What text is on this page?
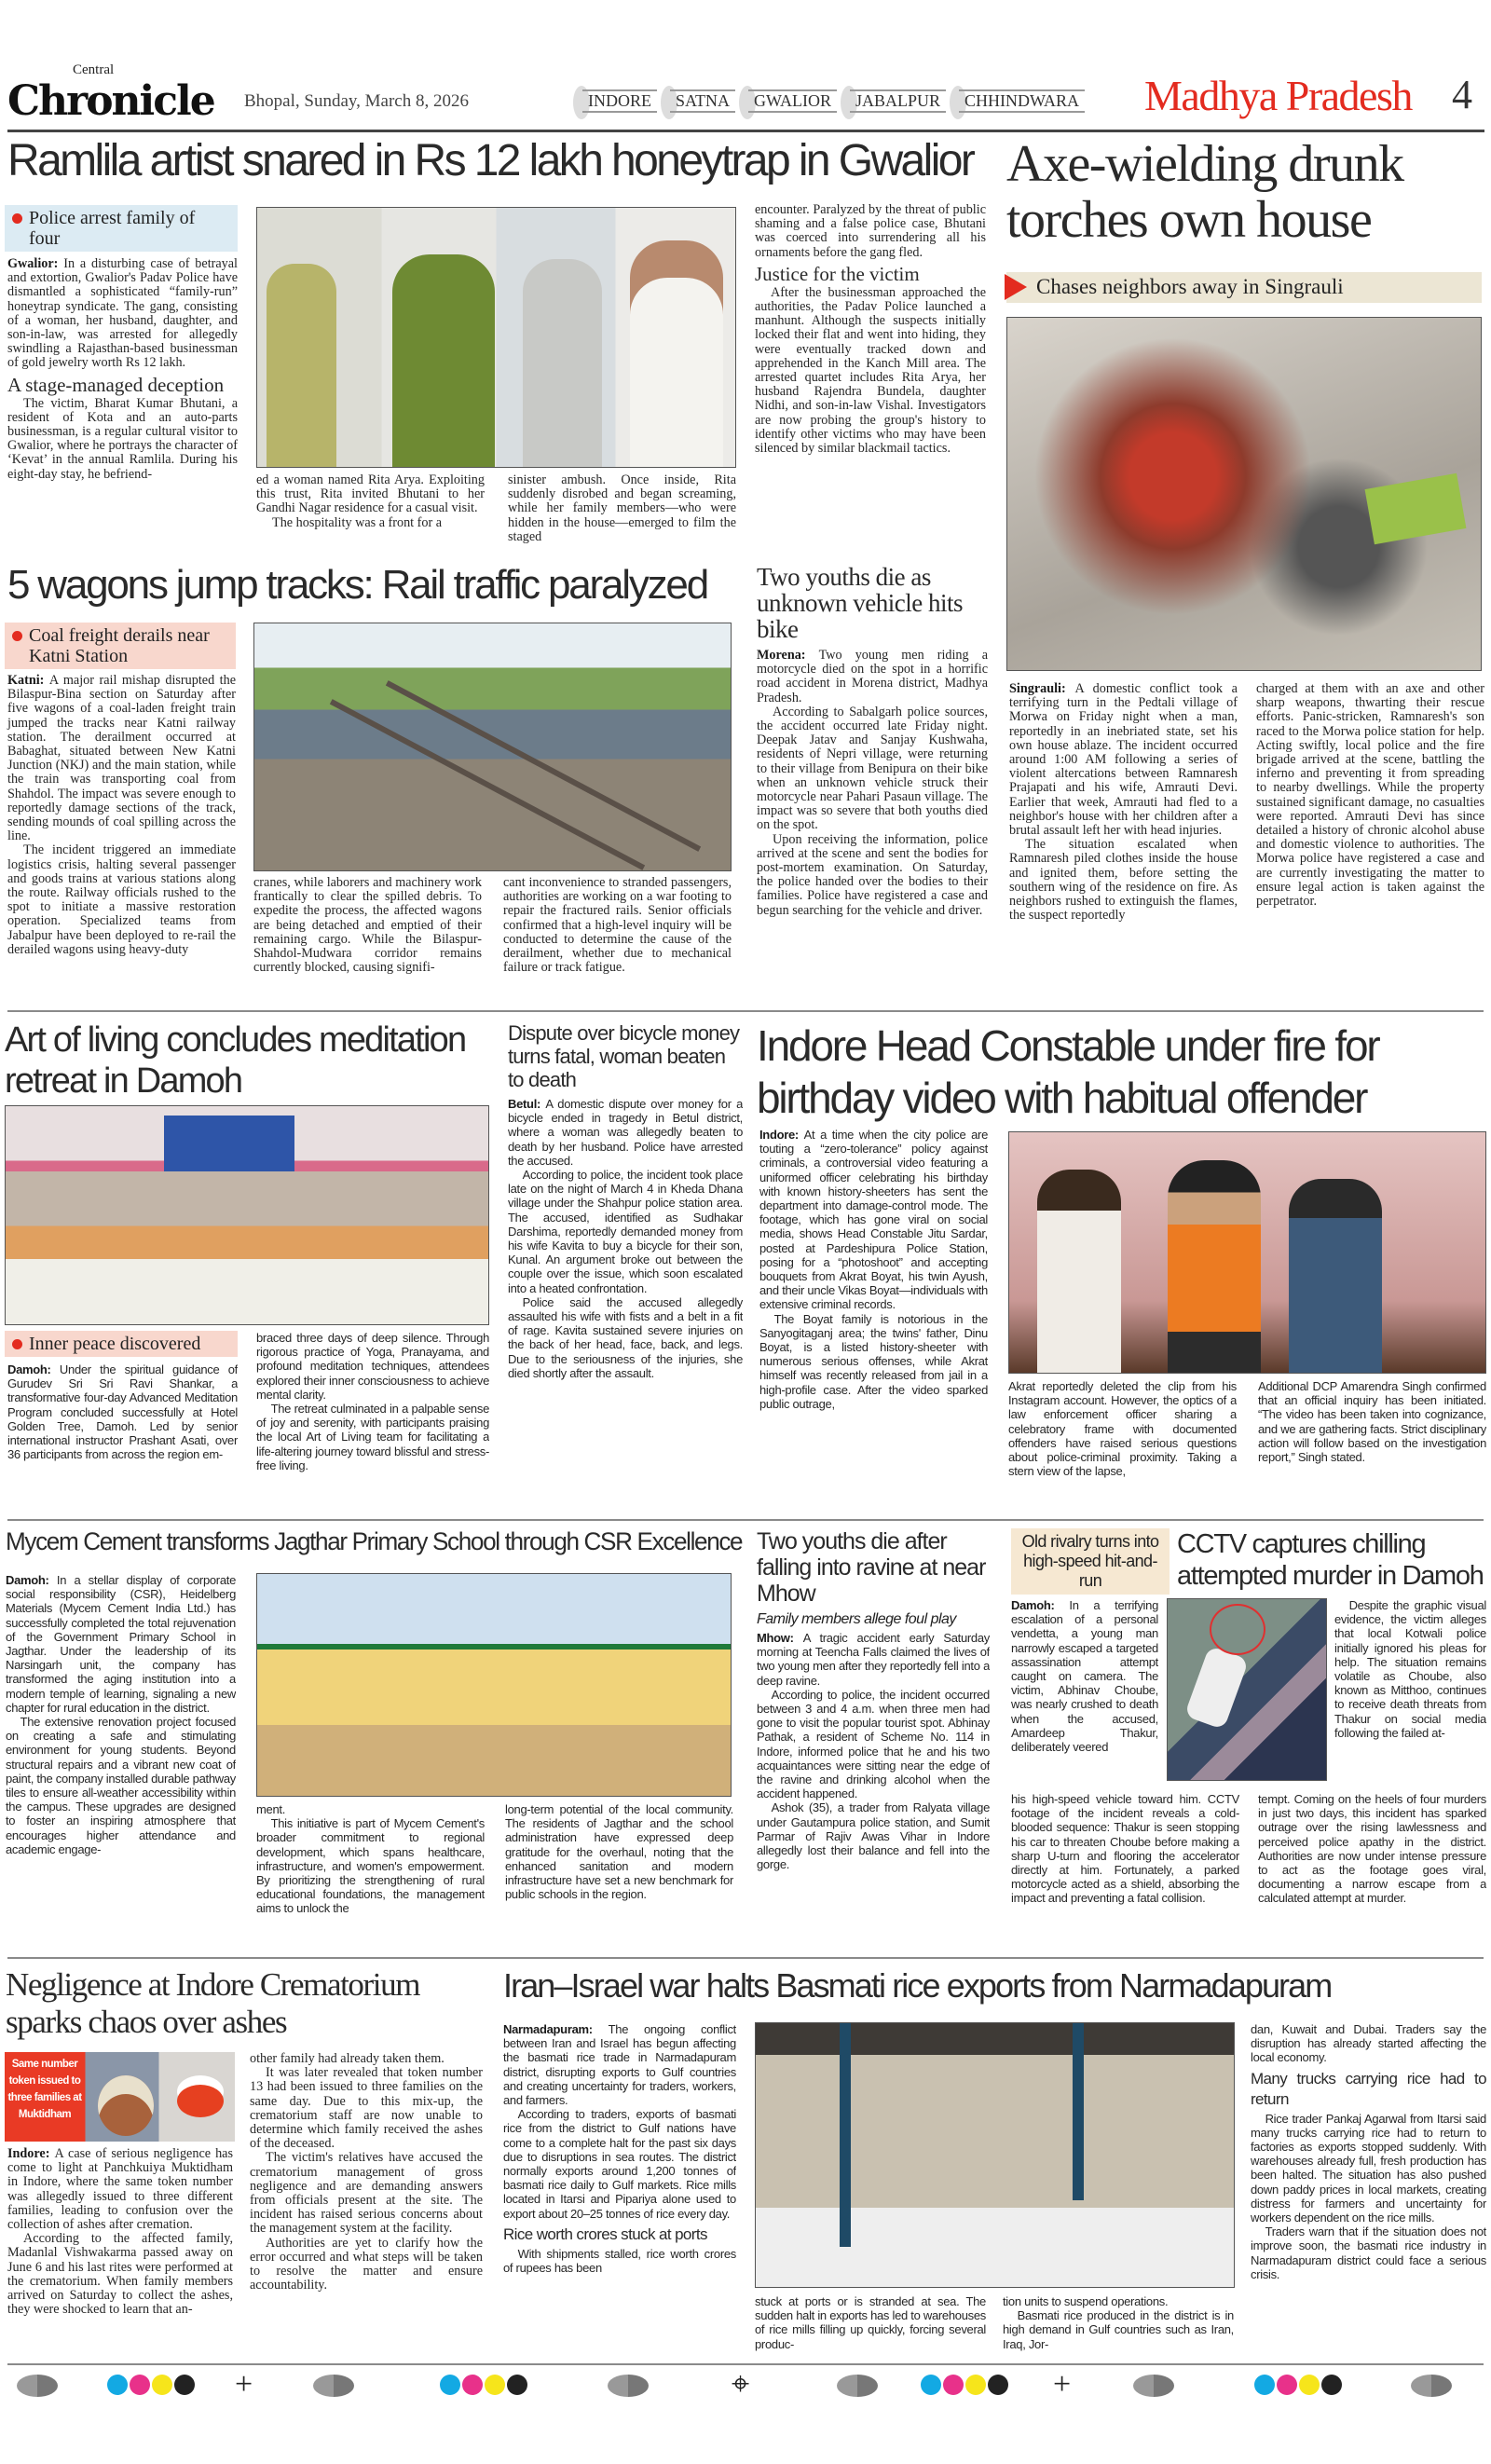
Central
Chronicle Bhopal, Sunday, March 8, 2026	INDORE SATNA GWALIOR JABALPUR CHHINDWARA	Madhya Pradesh 4
Ramlila artist snared in Rs 12 lakh honeytrap in Gwalior
Police arrest family of four

Gwalior: In a disturbing case of betrayal and extortion, Gwalior's Padav Police have dismantled a sophisticated “family-run” honeytrap syndicate. The gang, consisting of a woman, her husband, daughter, and son-in-law, was arrested for allegedly swindling a Rajasthan-based businessman of gold jewelry worth Rs 12 lakh.

A stage-managed deception

The victim, Bharat Kumar Bhutani, a resident of Kota and an auto-parts businessman, is a regular cultural visitor to Gwalior, where he portrays the character of ‘Kevat’ in the annual Ramlila. During his eight-day stay, he befriend-	ed a woman named Rita Arya. Exploiting this trust, Rita invited Bhutani to her Gandhi Nagar residence for a casual visit.

The hospitality was a front for a

sinister ambush. Once inside, Rita suddenly disrobed and began screaming, while her family members—who were hidden in the house—emerged to film the staged

encounter. Paralyzed by the threat of public shaming and a false police case, Bhutani was coerced into surrendering all his ornaments before the gang fled.

Justice for the victim

After the businessman approached the authorities, the Padav Police launched a manhunt. Although the suspects initially locked their flat and went into hiding, they were eventually tracked down and apprehended in the Kanch Mill area. The arrested quartet includes Rita Arya, her husband Rajendra Bundela, daughter Nidhi, and son-in-law Vishal. Investigators are now probing the group's history to identify other victims who may have been silenced by similar blackmail tactics.

Axe-wielding drunk torches own house
Chases neighbors away in Singrauli

Singrauli: A domestic conflict took a terrifying turn in the Pedtali village of Morwa on Friday night when a man, reportedly in an inebriated state, set his own house ablaze. The incident occurred around 1:00 AM following a series of violent altercations between Ramnaresh Prajapati and his wife, Amrauti Devi. Earlier that week, Amrauti had fled to a neighbor's house with her children after a brutal assault left her with head injuries.

The situation escalated when Ramnaresh piled clothes inside the house and ignited them, before setting the southern wing of the residence on fire. As neighbors rushed to extinguish the flames, the suspect reportedly

charged at them with an axe and other sharp weapons, thwarting their rescue efforts. Panic-stricken, Ramnaresh's son raced to the Morwa police station for help. Acting swiftly, local police and the fire brigade arrived at the scene, battling the inferno and preventing it from spreading to nearby dwellings. While the property sustained significant damage, no casualties were reported. Amrauti Devi has since detailed a history of chronic alcohol abuse and domestic violence to authorities. The Morwa police have registered a case and are currently investigating the matter to ensure legal action is taken against the perpetrator.

5 wagons jump tracks: Rail traffic paralyzed
Coal freight derails near Katni Station

Katni: A major rail mishap disrupted the Bilaspur-Bina section on Saturday after five wagons of a coal-laden freight train jumped the tracks near Katni railway station. The derailment occurred at Babaghat, situated between New Katni Junction (NKJ) and the main station, while the train was transporting coal from Shahdol. The impact was severe enough to reportedly damage sections of the track, sending mounds of coal spilling across the line.

The incident triggered an immediate logistics crisis, halting several passenger and goods trains at various stations along the route. Railway officials rushed to the spot to initiate a massive restoration operation. Specialized teams from Jabalpur have been deployed to re-rail the derailed wagons using heavy-duty

cranes, while laborers and machinery work frantically to clear the spilled debris. To expedite the process, the affected wagons are being detached and emptied of their remaining cargo. While the Bilaspur-Shahdol-Mudwara corridor remains currently blocked, causing signifi-

cant inconvenience to stranded passengers, authorities are working on a war footing to repair the fractured rails. Senior officials confirmed that a high-level inquiry will be conducted to determine the cause of the derailment, whether due to mechanical failure or track fatigue.

Two youths die as unknown vehicle hits bike

Morena: Two young men riding a motorcycle died on the spot in a horrific road accident in Morena district, Madhya Pradesh.

According to Sabalgarh police sources, the accident occurred late Friday night. Deepak Jatav and Sanjay Kushwaha, residents of Nepri village, were returning to their village from Benipura on their bike when an unknown vehicle struck their motorcycle near Pahari Pasaun village. The impact was so severe that both youths died on the spot.

Upon receiving the information, police arrived at the scene and sent the bodies for post-mortem examination. On Saturday, the police handed over the bodies to their families. Police have registered a case and begun searching for the vehicle and driver.

Art of living concludes meditation retreat in Damoh
Inner peace discovered

Damoh: Under the spiritual guidance of Gurudev Sri Sri Ravi Shankar, a transformative four-day Advanced Meditation Program concluded successfully at Hotel Golden Tree, Damoh. Led by senior international instructor Prashant Asati, over 36 participants from across the region em-

braced three days of deep silence. Through rigorous practice of Yoga, Pranayama, and profound meditation techniques, attendees explored their inner consciousness to achieve mental clarity.

The retreat culminated in a palpable sense of joy and serenity, with participants praising the local Art of Living team for facilitating a life-altering journey toward blissful and stress-free living.

Dispute over bicycle money turns fatal, woman beaten to death

Betul: A domestic dispute over money for a bicycle ended in tragedy in Betul district, where a woman was allegedly beaten to death by her husband. Police have arrested the accused.

According to police, the incident took place late on the night of March 4 in Kheda Dhana village under the Shahpur police station area. The accused, identified as Sudhakar Darshima, reportedly demanded money from his wife Kavita to buy a bicycle for their son, Kunal. An argument broke out between the couple over the issue, which soon escalated into a heated confrontation.

Police said the accused allegedly assaulted his wife with fists and a belt in a fit of rage. Kavita sustained severe injuries on the back of her head, face, back, and legs. Due to the seriousness of the injuries, she died shortly after the assault.

Indore Head Constable under fire for birthday video with habitual offender

Indore: At a time when the city police are touting a “zero-tolerance” policy against criminals, a controversial video featuring a uniformed officer celebrating his birthday with known history-sheeters has sent the department into damage-control mode. The footage, which has gone viral on social media, shows Head Constable Jitu Sardar, posted at Pardeshipura Police Station, posing for a “photoshoot” and accepting bouquets from Akrat Boyat, his twin Ayush, and their uncle Vikas Boyat—individuals with extensive criminal records.

The Boyat family is notorious in the Sanyogitaganj area; the twins' father, Dinu Boyat, is a listed history-sheeter with numerous serious offenses, while Akrat himself was recently released from jail in a high-profile case. After the video sparked public outrage,

Akrat reportedly deleted the clip from his Instagram account. However, the optics of a law enforcement officer sharing a celebratory frame with documented offenders have raised serious questions about police-criminal proximity. Taking a stern view of the lapse,

Additional DCP Amarendra Singh confirmed that an official inquiry has been initiated. “The video has been taken into cognizance, and we are gathering facts. Strict disciplinary action will follow based on the investigation report,” Singh stated.

Mycem Cement transforms Jagthar Primary School through CSR Excellence

Damoh: In a stellar display of corporate social responsibility (CSR), Heidelberg Materials (Mycem Cement India Ltd.) has successfully completed the total rejuvenation of the Government Primary School in Jagthar. Under the leadership of its Narsingarh unit, the company has transformed the aging institution into a modern temple of learning, signaling a new chapter for rural education in the district.

The extensive renovation project focused on creating a safe and stimulating environment for young students. Beyond structural repairs and a vibrant new coat of paint, the company installed durable pathway tiles to ensure all-weather accessibility within the campus. These upgrades are designed to foster an inspiring atmosphere that encourages higher attendance and academic engage-

ment.

This initiative is part of Mycem Cement's broader commitment to regional development, which spans healthcare, infrastructure, and women's empowerment. By prioritizing the strengthening of rural educational foundations, the management aims to unlock the

long-term potential of the local community. The residents of Jagthar and the school administration have expressed deep gratitude for the overhaul, noting that the enhanced sanitation and modern infrastructure have set a new benchmark for public schools in the region.

Two youths die after falling into ravine at near Mhow
Family members allege foul play

Mhow: A tragic accident early Saturday morning at Teencha Falls claimed the lives of two young men after they reportedly fell into a deep ravine.

According to police, the incident occurred between 3 and 4 a.m. when three men had gone to visit the popular tourist spot. Abhinay Pathak, a resident of Scheme No. 114 in Indore, informed police that he and his two acquaintances were sitting near the edge of the ravine and drinking alcohol when the accident happened.

Ashok (35), a trader from Ralyata village under Gautampura police station, and Sumit Parmar of Rajiv Awas Vihar in Indore allegedly lost their balance and fell into the gorge.

Old rivalry turns into high-speed hit-and-run
CCTV captures chilling attempted murder in Damoh

Damoh: In a terrifying escalation of a personal vendetta, a young man narrowly escaped a targeted assassination attempt caught on camera. The victim, Abhinav Choube, was nearly crushed to death when the accused, Amardeep Thakur, deliberately veered

Despite the graphic visual evidence, the victim alleges that local Kotwali police initially ignored his pleas for help. The situation remains volatile as Choube, also known as Mitthoo, continues to receive death threats from Thakur on social media following the failed at-

his high-speed vehicle toward him. CCTV footage of the incident reveals a cold-blooded sequence: Thakur is seen stopping his car to threaten Choube before making a sharp U-turn and flooring the accelerator directly at him. Fortunately, a parked motorcycle acted as a shield, absorbing the impact and preventing a fatal collision.

tempt. Coming on the heels of four murders in just two days, this incident has sparked outrage over the rising lawlessness and perceived police apathy in the district. Authorities are now under intense pressure to act as the footage goes viral, documenting a narrow escape from a calculated attempt at murder.

Negligence at Indore Crematorium sparks chaos over ashes
Same number token issued to three families at Muktidham

Indore: A case of serious negligence has come to light at Panchkuiya Muktidham in Indore, where the same token number was allegedly issued to three different families, leading to confusion over the collection of ashes after cremation.

According to the affected family, Madanlal Vishwakarma passed away on June 6 and his last rites were performed at the crematorium. When family members arrived on Saturday to collect the ashes, they were shocked to learn that an-

other family had already taken them.

It was later revealed that token number 13 had been issued to three families on the same day. Due to this mix-up, the crematorium staff are now unable to determine which family received the ashes of the deceased.

The victim's relatives have accused the crematorium management of gross negligence and are demanding answers from officials present at the site. The incident has raised serious concerns about the management system at the facility.

Authorities are yet to clarify how the error occurred and what steps will be taken to resolve the matter and ensure accountability.

Iran–Israel war halts Basmati rice exports from Narmadapuram

Narmadapuram: The ongoing conflict between Iran and Israel has begun affecting the basmati rice trade in Narmadapuram district, disrupting exports to Gulf countries and creating uncertainty for traders, workers, and farmers.

According to traders, exports of basmati rice from the district to Gulf nations have come to a complete halt for the past six days due to disruptions in sea routes. The district normally exports around 1,200 tonnes of basmati rice daily to Gulf markets. Rice mills located in Itarsi and Pipariya alone used to export about 20–25 tonnes of rice every day.

Rice worth crores stuck at ports

With shipments stalled, rice worth crores of rupees has been

stuck at ports or is stranded at sea. The sudden halt in exports has led to warehouses of rice mills filling up quickly, forcing several produc-

tion units to suspend operations.

Basmati rice produced in the district is in high demand in Gulf countries such as Iran, Iraq, Jor-

dan, Kuwait and Dubai. Traders say the disruption has already started affecting the local economy.

Many trucks carrying rice had to return

Rice trader Pankaj Agarwal from Itarsi said many trucks carrying rice had to return to factories as exports stopped suddenly. With warehouses already full, fresh production has been halted. The situation has also pushed down paddy prices in local markets, creating distress for farmers and uncertainty for workers dependent on the rice mills.

Traders warn that if the situation does not improve soon, the basmati rice industry in Narmadapuram district could face a serious crisis.

+	⌖	+
